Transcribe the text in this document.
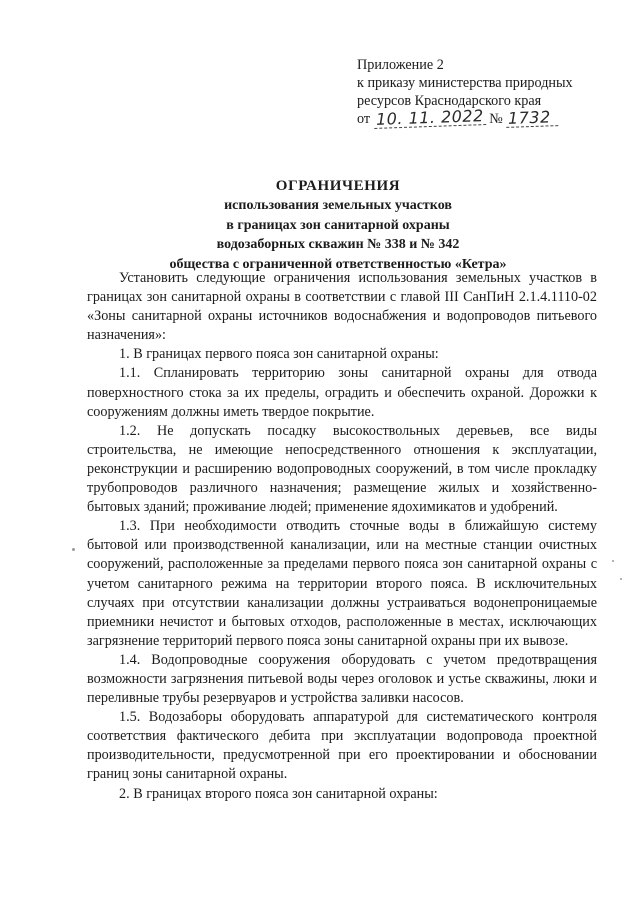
Приложение 2
к приказу министерства природных
ресурсов Краснодарского края
от 10. 11. 2022 № 1732
ОГРАНИЧЕНИЯ
использования земельных участков
в границах зон санитарной охраны
водозаборных скважин № 338 и № 342
общества с ограниченной ответственностью «Кетра»

Установить следующие ограничения использования земельных участков в границах зон санитарной охраны в соответствии с главой III СанПиН 2.1.4.1110-02 «Зоны санитарной охраны источников водоснабжения и водопроводов питьевого назначения»:

1. В границах первого пояса зон санитарной охраны:

1.1. Спланировать территорию зоны санитарной охраны для отвода поверхностного стока за их пределы, оградить и обеспечить охраной. Дорожки к сооружениям должны иметь твердое покрытие.

1.2. Не допускать посадку высокоствольных деревьев, все виды строительства, не имеющие непосредственного отношения к эксплуатации, реконструкции и расширению водопроводных сооружений, в том числе прокладку трубопроводов различного назначения; размещение жилых и хозяйственно-бытовых зданий; проживание людей; применение ядохимикатов и удобрений.

1.3. При необходимости отводить сточные воды в ближайшую систему бытовой или производственной канализации, или на местные станции очистных сооружений, расположенные за пределами первого пояса зон санитарной охраны с учетом санитарного режима на территории второго пояса. В исключительных случаях при отсутствии канализации должны устраиваться водонепроницаемые приемники нечистот и бытовых отходов, расположенные в местах, исключающих загрязнение территорий первого пояса зоны санитарной охраны при их вывозе.

1.4. Водопроводные сооружения оборудовать с учетом предотвращения возможности загрязнения питьевой воды через оголовок и устье скважины, люки и переливные трубы резервуаров и устройства заливки насосов.

1.5. Водозаборы оборудовать аппаратурой для систематического контроля соответствия фактического дебита при эксплуатации водопровода проектной производительности, предусмотренной при его проектировании и обосновании границ зоны санитарной охраны.

2. В границах второго пояса зон санитарной охраны:
